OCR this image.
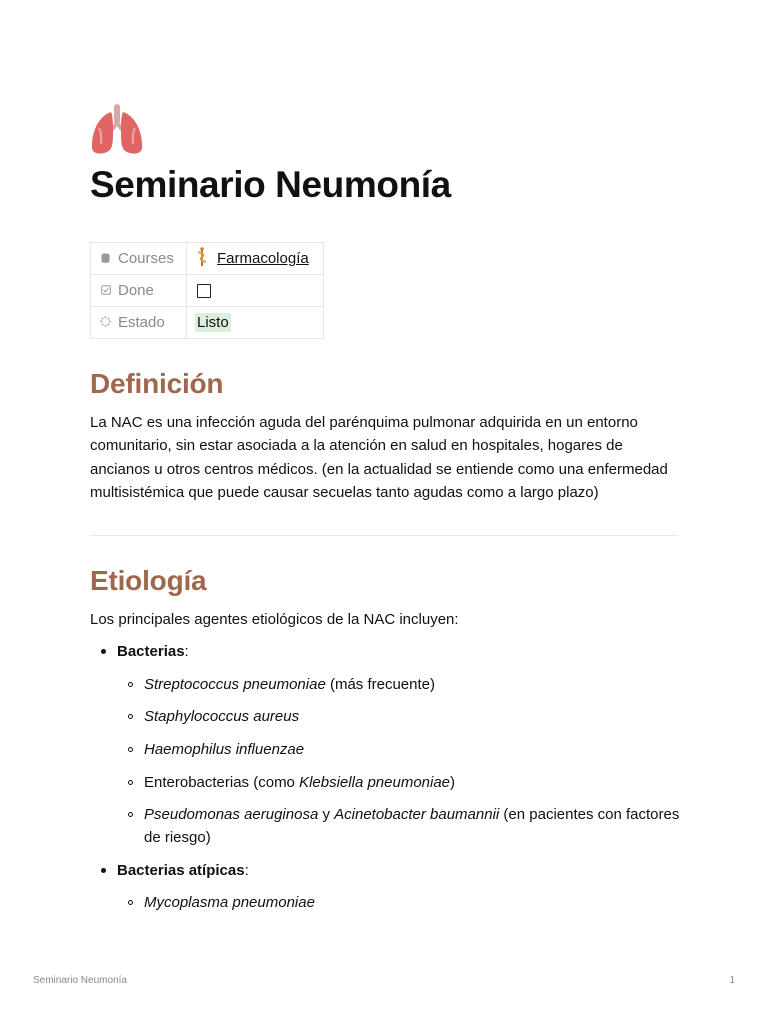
Seminario Neumonía
Courses	Farmacología
Done	
Estado	Listo
Definición

La NAC es una infección aguda del parénquima pulmonar adquirida en un entorno comunitario, sin estar asociada a la atención en salud en hospitales, hogares de ancianos u otros centros médicos. (en la actualidad se entiende como una enfermedad multisistémica que puede causar secuelas tanto agudas como a largo plazo)

Etiología

Los principales agentes etiológicos de la NAC incluyen:

Bacterias:
Streptococcus pneumoniae (más frecuente)
Staphylococcus aureus
Haemophilus influenzae
Enterobacterias (como Klebsiella pneumoniae)
Pseudomonas aeruginosa y Acinetobacter baumannii (en pacientes con factores de riesgo)
Bacterias atípicas:
Mycoplasma pneumoniae
Seminario Neumonía	1
